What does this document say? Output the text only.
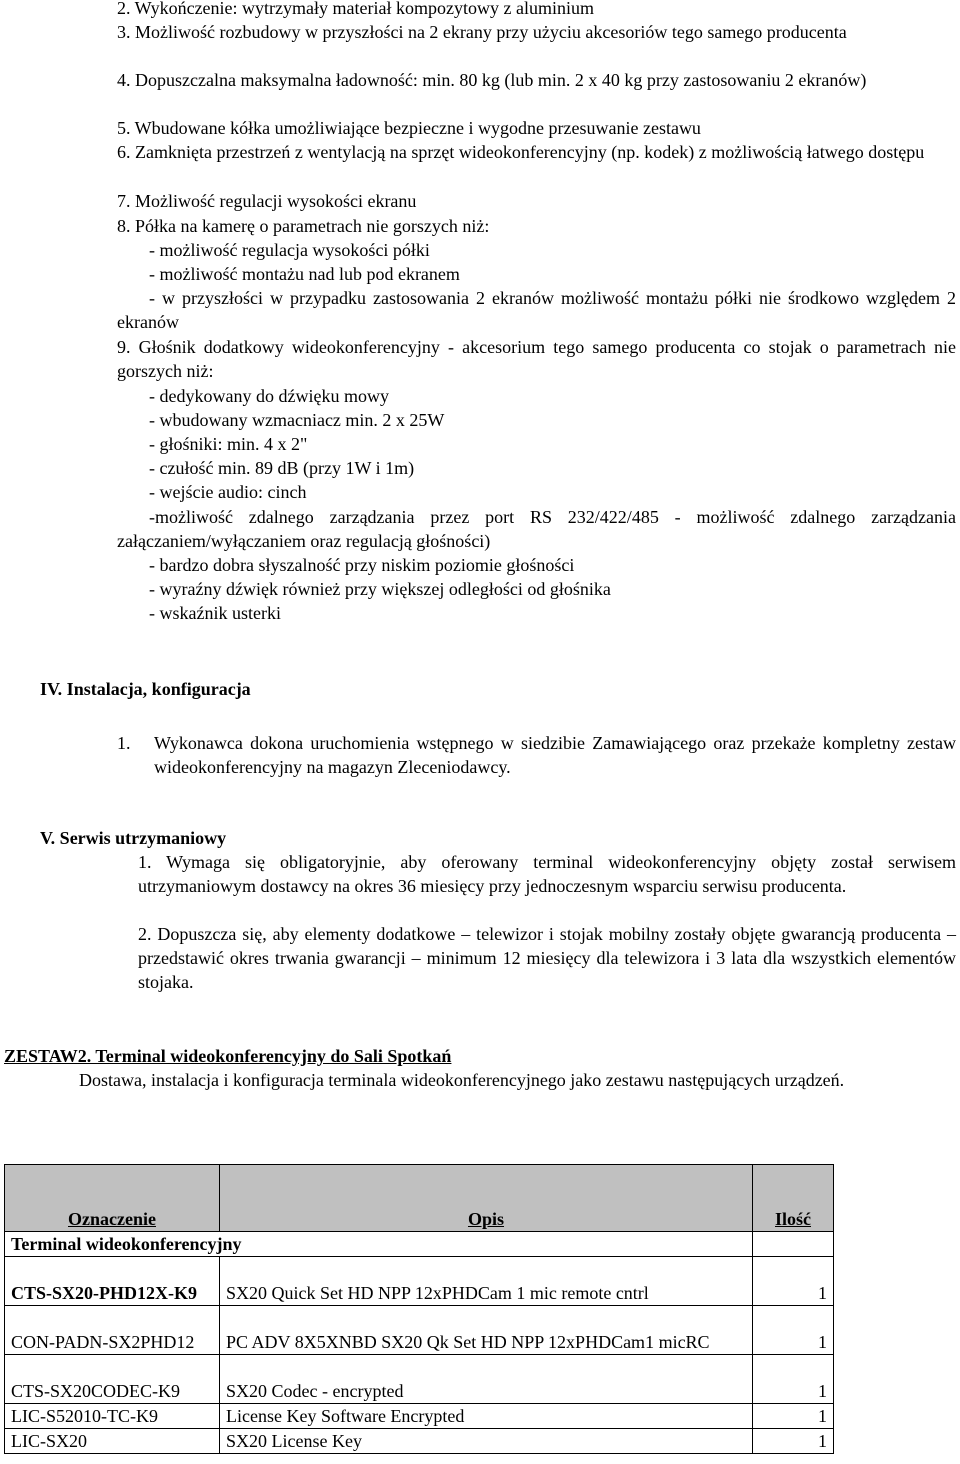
2. Wykończenie: wytrzymały materiał kompozytowy z aluminium
3. Możliwość rozbudowy w przyszłości na 2 ekrany przy użyciu akcesoriów tego samego producenta
4. Dopuszczalna maksymalna ładowność: min. 80 kg (lub min. 2 x 40 kg przy zastosowaniu 2 ekranów)
5. Wbudowane kółka umożliwiające bezpieczne i wygodne przesuwanie zestawu
6. Zamknięta przestrzeń z wentylacją na sprzęt wideokonferencyjny (np. kodek) z możliwością łatwego dostępu
7. Możliwość regulacji wysokości ekranu
8. Półka na kamerę o parametrach nie gorszych niż:
- możliwość regulacja wysokości półki
- możliwość montażu nad lub pod ekranem
- w przyszłości w przypadku zastosowania 2 ekranów możliwość montażu półki nie środkowo względem 2 ekranów
9. Głośnik dodatkowy wideokonferencyjny - akcesorium tego samego producenta co stojak o parametrach nie gorszych niż:
- dedykowany do dźwięku mowy
- wbudowany wzmacniacz min. 2 x 25W
- głośniki: min. 4 x 2"
- czułość min. 89 dB (przy 1W i 1m)
- wejście audio: cinch
-możliwość zdalnego zarządzania przez port RS 232/422/485 - możliwość zdalnego zarządzania załączaniem/wyłączaniem oraz regulacją głośności)
- bardzo dobra słyszalność przy niskim poziomie głośności
- wyraźny dźwięk również przy większej odległości od głośnika
- wskaźnik usterki
IV. Instalacja, konfiguracja
1. Wykonawca dokona uruchomienia wstępnego w siedzibie Zamawiającego oraz przekaże kompletny zestaw wideokonferencyjny na magazyn Zleceniodawcy.
V. Serwis utrzymaniowy
1. Wymaga się obligatoryjnie, aby oferowany terminal wideokonferencyjny objęty został serwisem utrzymaniowym dostawcy na okres 36 miesięcy przy jednoczesnym wsparciu serwisu producenta.
2. Dopuszcza się, aby elementy dodatkowe – telewizor i stojak mobilny zostały objęte gwarancją producenta – przedstawić okres trwania gwarancji – minimum 12 miesięcy dla telewizora i 3 lata dla wszystkich elementów stojaka.
ZESTAW2. Terminal wideokonferencyjny do Sali Spotkań
Dostawa, instalacja i konfiguracja terminala wideokonferencyjnego jako zestawu następujących urządzeń.
Oznaczenie	Opis	Ilość
Terminal wideokonferencyjny		
CTS-SX20-PHD12X-K9	SX20 Quick Set HD NPP 12xPHDCam 1 mic remote cntrl	1
CON-PADN-SX2PHD12	PC ADV 8X5XNBD SX20 Qk Set HD NPP 12xPHDCam1 micRC	1
CTS-SX20CODEC-K9	SX20 Codec - encrypted	1
LIC-S52010-TC-K9	License Key Software Encrypted	1
LIC-SX20	SX20 License Key	1
